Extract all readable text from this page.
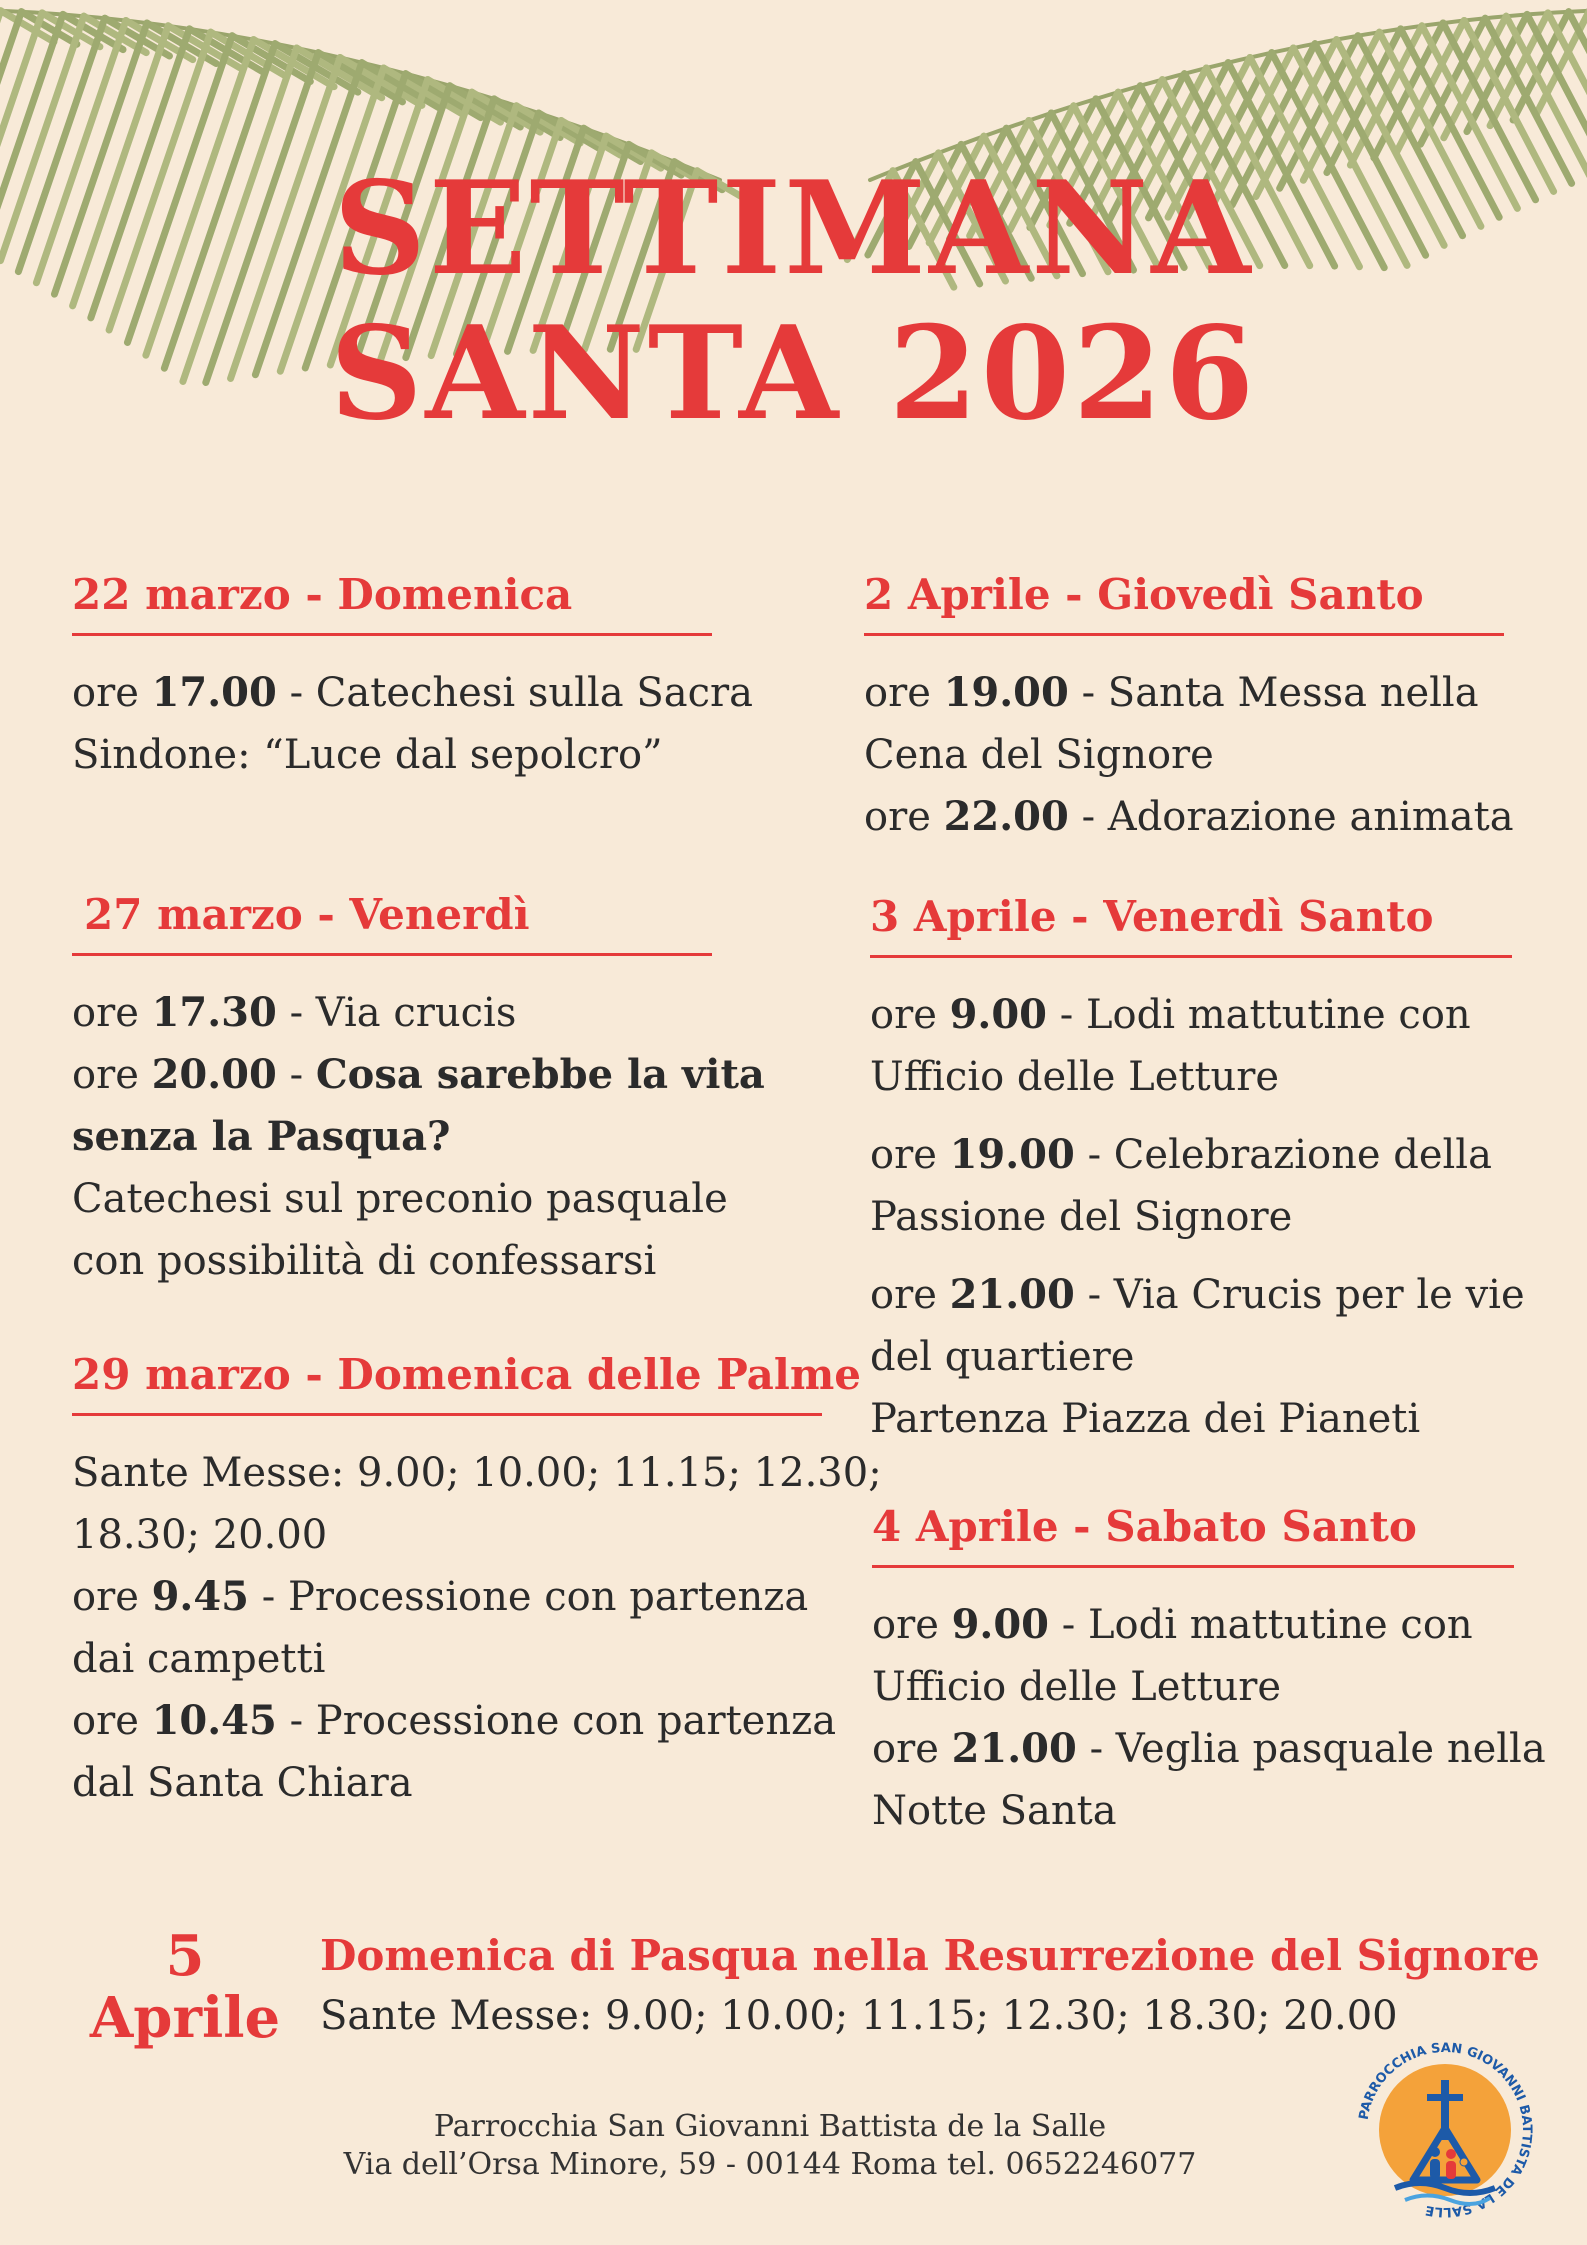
SETTIMANA
SANTA 2026
22 marzo - Domenica
ore 17.00 - Catechesi sulla Sacra
Sindone: “Luce dal sepolcro”
27 marzo - Venerdì
ore 17.30 - Via crucis
ore 20.00 - Cosa sarebbe la vita
senza la Pasqua?
Catechesi sul preconio pasquale
con possibilità di confessarsi
29 marzo - Domenica delle Palme
Sante Messe: 9.00; 10.00; 11.15; 12.30;
18.30; 20.00
ore 9.45 - Processione con partenza
dai campetti
ore 10.45 - Processione con partenza
dal Santa Chiara
2 Aprile - Giovedì Santo
ore 19.00 - Santa Messa nella
Cena del Signore
ore 22.00 - Adorazione animata
3 Aprile - Venerdì Santo
ore 9.00 - Lodi mattutine con
Ufficio delle Letture
ore 19.00 - Celebrazione della
Passione del Signore
ore 21.00 - Via Crucis per le vie
del quartiere
Partenza Piazza dei Pianeti
4 Aprile - Sabato Santo
ore 9.00 - Lodi mattutine con
Ufficio delle Letture
ore 21.00 - Veglia pasquale nella
Notte Santa
5
Aprile
Domenica di Pasqua nella Resurrezione del Signore
Sante Messe: 9.00; 10.00; 11.15; 12.30; 18.30; 20.00
Parrocchia San Giovanni Battista de la Salle
Via dell’Orsa Minore, 59 - 00144 Roma tel. 0652246077
PARROCCHIA SAN GIOVANNI BATTISTA DE LA SALLE
